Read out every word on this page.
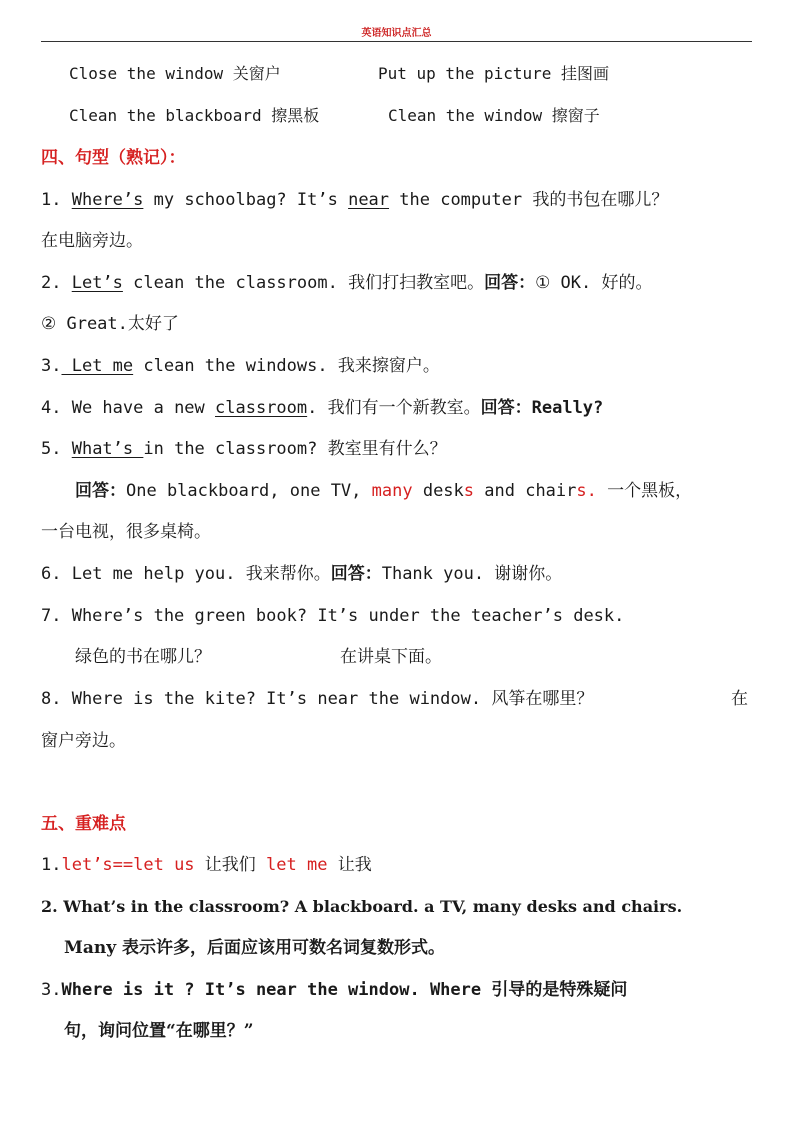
英语知识点汇总
Close the window 关窗户	Put up the picture 挂图画
Clean the blackboard 擦黑板	Clean the window 擦窗子
四、句型（熟记）：
1. Where’s my schoolbag? It’s near the computer 我的书包在哪儿？
在电脑旁边。
2. Let’s clean the classroom. 我们打扫教室吧。回答：① OK. 好的。
② Great.太好了
3. Let me clean the windows. 我来擦窗户。
4. We have a new classroom. 我们有一个新教室。回答：Really?
5. What’s in the classroom? 教室里有什么？
回答：One blackboard, one TV, many desks and chairs. 一个黑板，
一台电视，很多桌椅。
6. Let me help you. 我来帮你。回答：Thank you. 谢谢你。
7. Where’s the green book? It’s under the teacher’s desk.
绿色的书在哪儿？	在讲桌下面。
8. Where is the kite? It’s near the window. 风筝在哪里？	在
窗户旁边。
五、重难点
1.let’s==let us 让我们 let me 让我
2. What’s in the classroom? A blackboard. a TV, many desks and chairs.
Many 表示许多，后面应该用可数名词复数形式。
3.Where is it ? It’s near the window. Where 引导的是特殊疑问
句，询问位置“在哪里？”
